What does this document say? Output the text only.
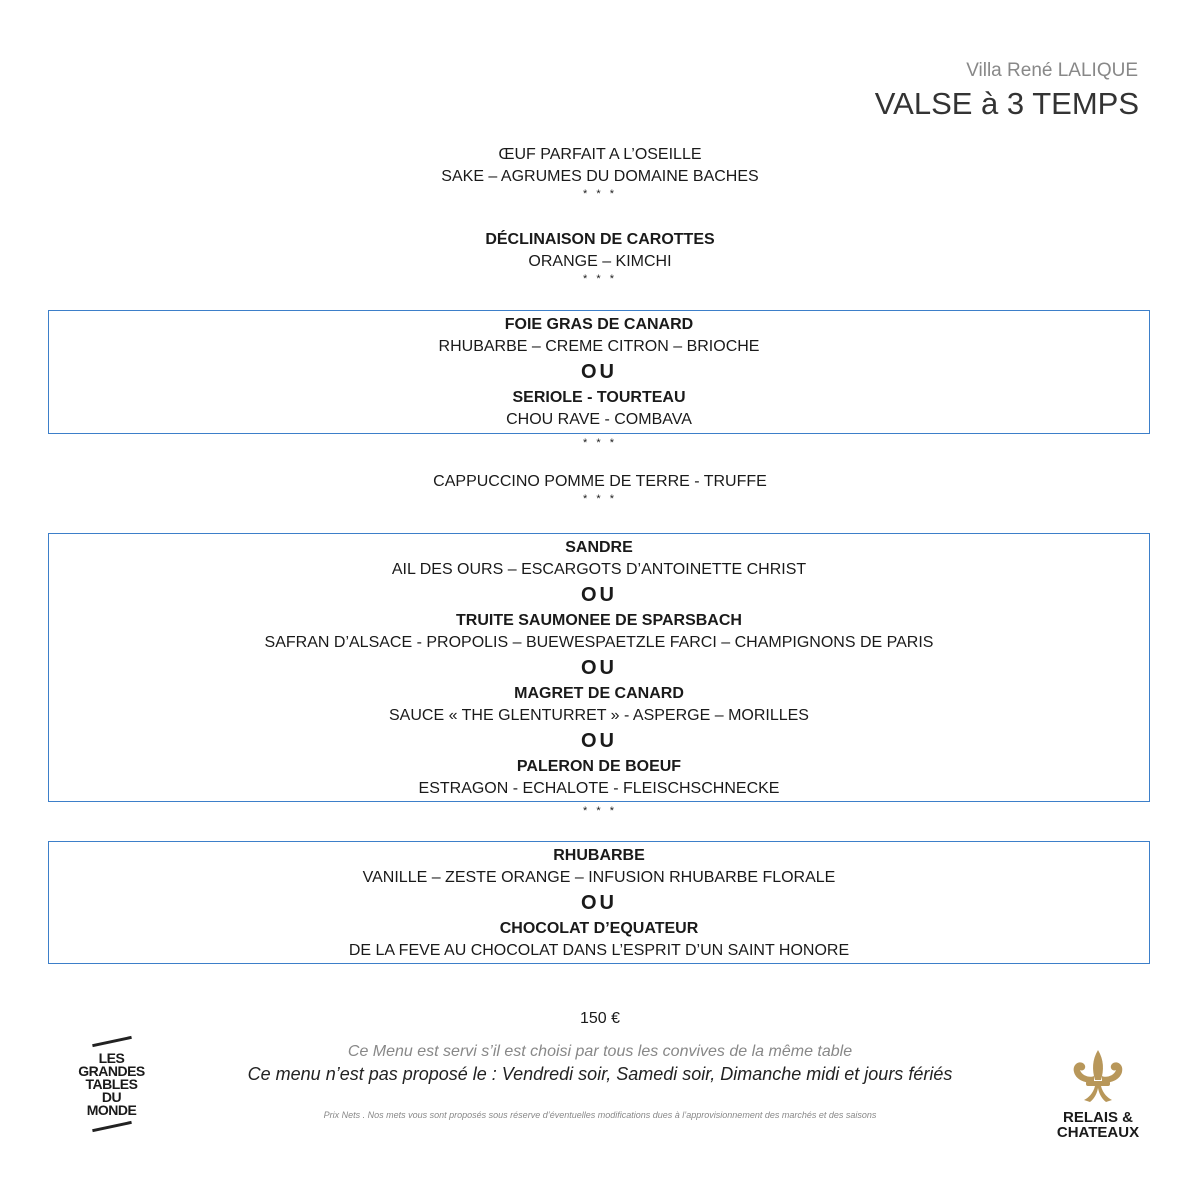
Villa René LALIQUE
VALSE à 3 TEMPS
ŒUF PARFAIT A L’OSEILLE
SAKE – AGRUMES DU DOMAINE BACHES
* * *
DÉCLINAISON DE CAROTTES
ORANGE – KIMCHI
* * *
FOIE GRAS DE CANARD
RHUBARBE – CREME CITRON – BRIOCHE
OU
SERIOLE - TOURTEAU
CHOU RAVE - COMBAVA
* * *
CAPPUCCINO POMME DE TERRE - TRUFFE
* * *
SANDRE
AIL DES OURS – ESCARGOTS D’ANTOINETTE CHRIST
OU
TRUITE SAUMONEE DE SPARSBACH
SAFRAN D’ALSACE - PROPOLIS – BUEWESPAETZLE FARCI – CHAMPIGNONS DE PARIS
OU
MAGRET DE CANARD
SAUCE « THE GLENTURRET » - ASPERGE – MORILLES
OU
PALERON DE BOEUF
ESTRAGON - ECHALOTE - FLEISCHSCHNECKE
* * *
RHUBARBE
VANILLE – ZESTE ORANGE – INFUSION RHUBARBE FLORALE
OU
CHOCOLAT D’EQUATEUR
DE LA FEVE AU CHOCOLAT DANS L’ESPRIT D’UN SAINT HONORE
150 €
Ce Menu est servi s’il est choisi par tous les convives de la même table
Ce menu n’est pas proposé le : Vendredi soir, Samedi soir, Dimanche midi et jours fériés
Prix Nets . Nos mets vous sont proposés sous réserve d’éventuelles modifications dues à l’approvisionnement des marchés et des saisons
LES
GRANDES
TABLES
DU
MONDE	RELAIS &
CHATEAUX
